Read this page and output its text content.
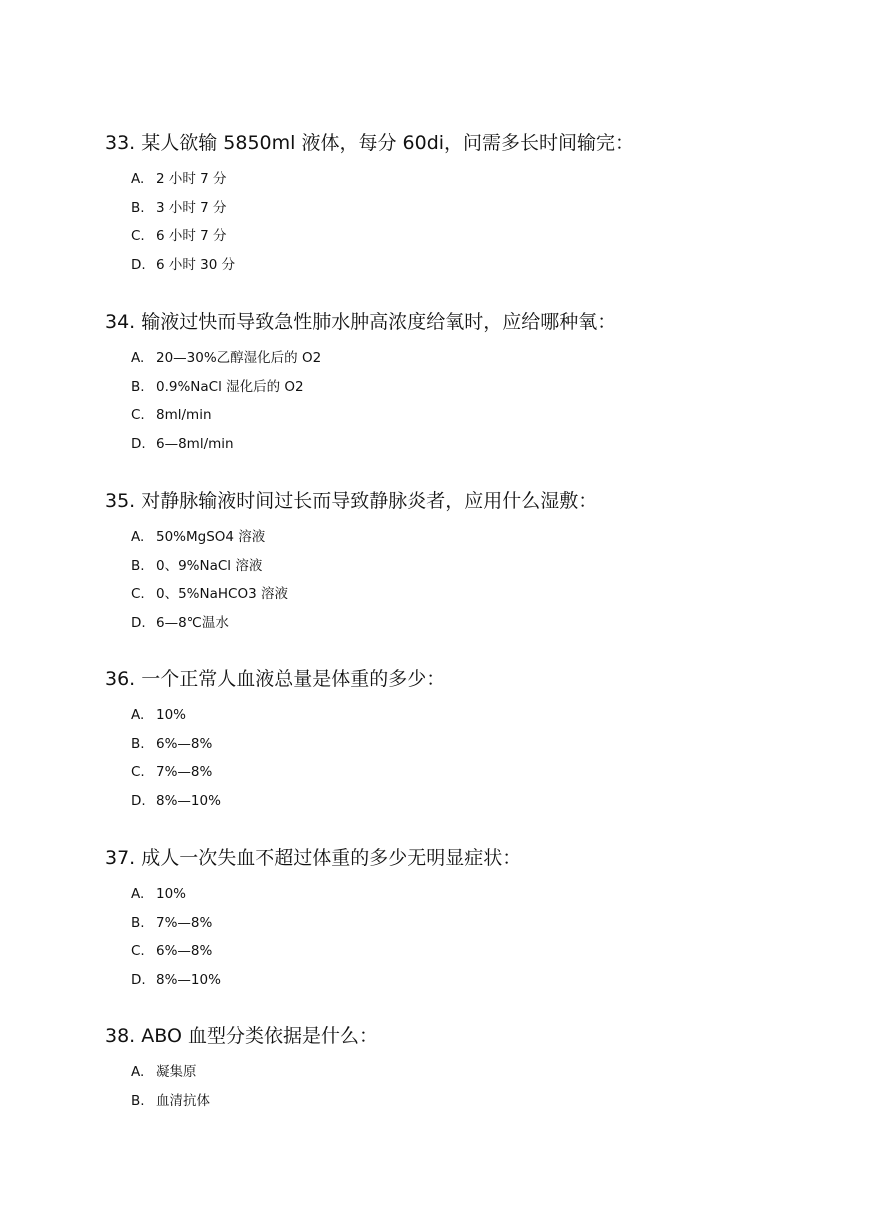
33. 某人欲输 5850ml 液体，每分 60di，问需多长时间输完：

A. 2 小时 7 分
B. 3 小时 7 分
C. 6 小时 7 分
D. 6 小时 30 分

34. 输液过快而导致急性肺水肿高浓度给氧时，应给哪种氧：

A. 20—30%乙醇湿化后的 O2
B. 0.9%NaCl 湿化后的 O2
C. 8ml/min
D. 6—8ml/min

35. 对静脉输液时间过长而导致静脉炎者，应用什么湿敷：

A. 50%MgSO4 溶液
B. 0、9%NaCl 溶液
C. 0、5%NaHCO3 溶液
D. 6—8℃温水

36. 一个正常人血液总量是体重的多少：

A. 10%
B. 6%—8%
C. 7%—8%
D. 8%—10%

37. 成人一次失血不超过体重的多少无明显症状：

A. 10%
B. 7%—8%
C. 6%—8%
D. 8%—10%

38. ABO 血型分类依据是什么：

A. 凝集原
B. 血清抗体
